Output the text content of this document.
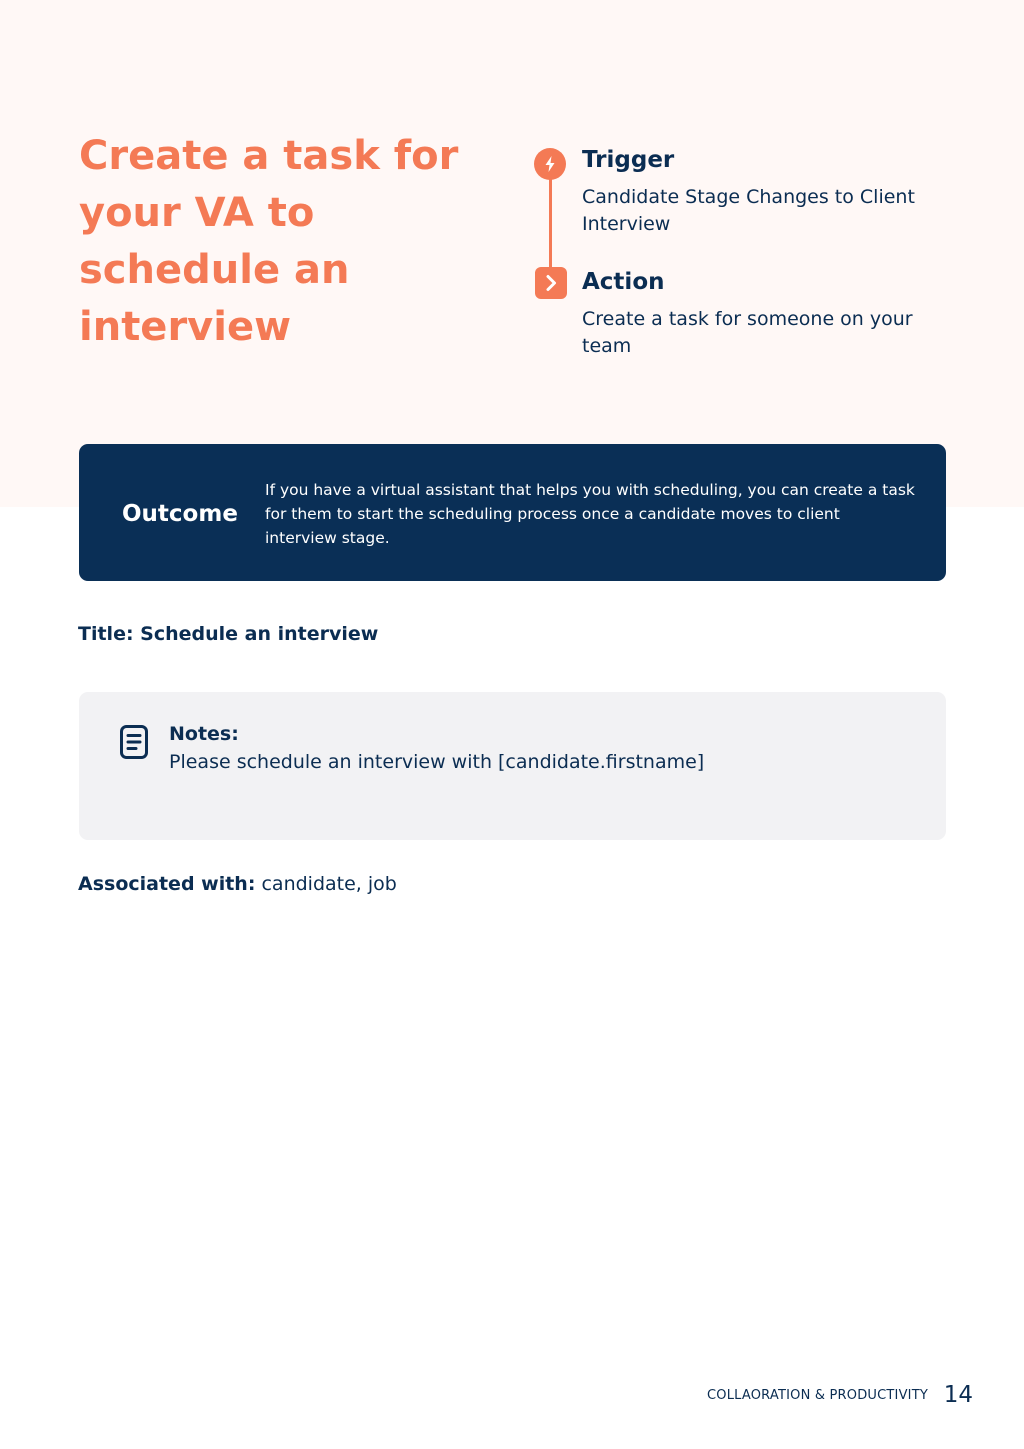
Create a task for your VA to schedule an interview
Trigger

Candidate Stage Changes to Client Interview

Action

Create a task for someone on your team

Outcome

If you have a virtual assistant that helps you with scheduling, you can create a task for them to start the scheduling process once a candidate moves to client interview stage.

Title: Schedule an interview
Notes:
Please schedule an interview with [candidate.firstname]
Associated with: candidate, job
COLLAORATION & PRODUCTIVITY 14
